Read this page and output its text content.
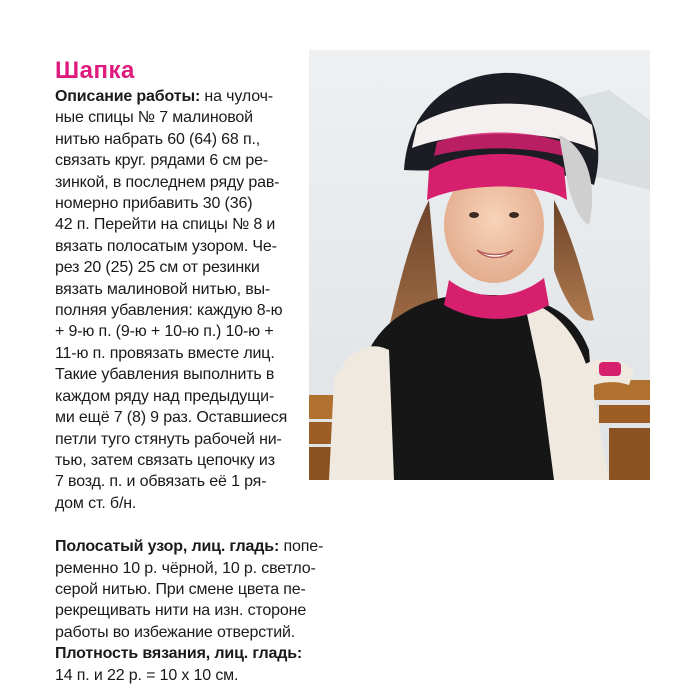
Шапка
Описание работы: на чулоч-
ные спицы № 7 малиновой
нитью набрать 60 (64) 68 п.,
связать круг. рядами 6 см ре-
зинкой, в последнем ряду рав-
номерно прибавить 30 (36)
42 п. Перейти на спицы № 8 и
вязать полосатым узором. Че-
рез 20 (25) 25 см от резинки
вязать малиновой нитью, вы-
полняя убавления: каждую 8-ю
+ 9-ю п. (9-ю + 10-ю п.) 10-ю +
11-ю п. провязать вместе лиц.
Такие убавления выполнить в
каждом ряду над предыдущи-
ми ещё 7 (8) 9 раз. Оставшиеся
петли туго стянуть рабочей ни-
тью, затем связать цепочку из
7 возд. п. и обвязать её 1 ря-
дом ст. б/н.
Полосатый узор, лиц. гладь: попе-
ременно 10 р. чёрной, 10 р. светло-
серой нитью. При смене цвета пе-
рекрещивать нити на изн. стороне
работы во избежание отверстий.
Плотность вязания, лиц. гладь:
14 п. и 22 р. = 10 х 10 см.
